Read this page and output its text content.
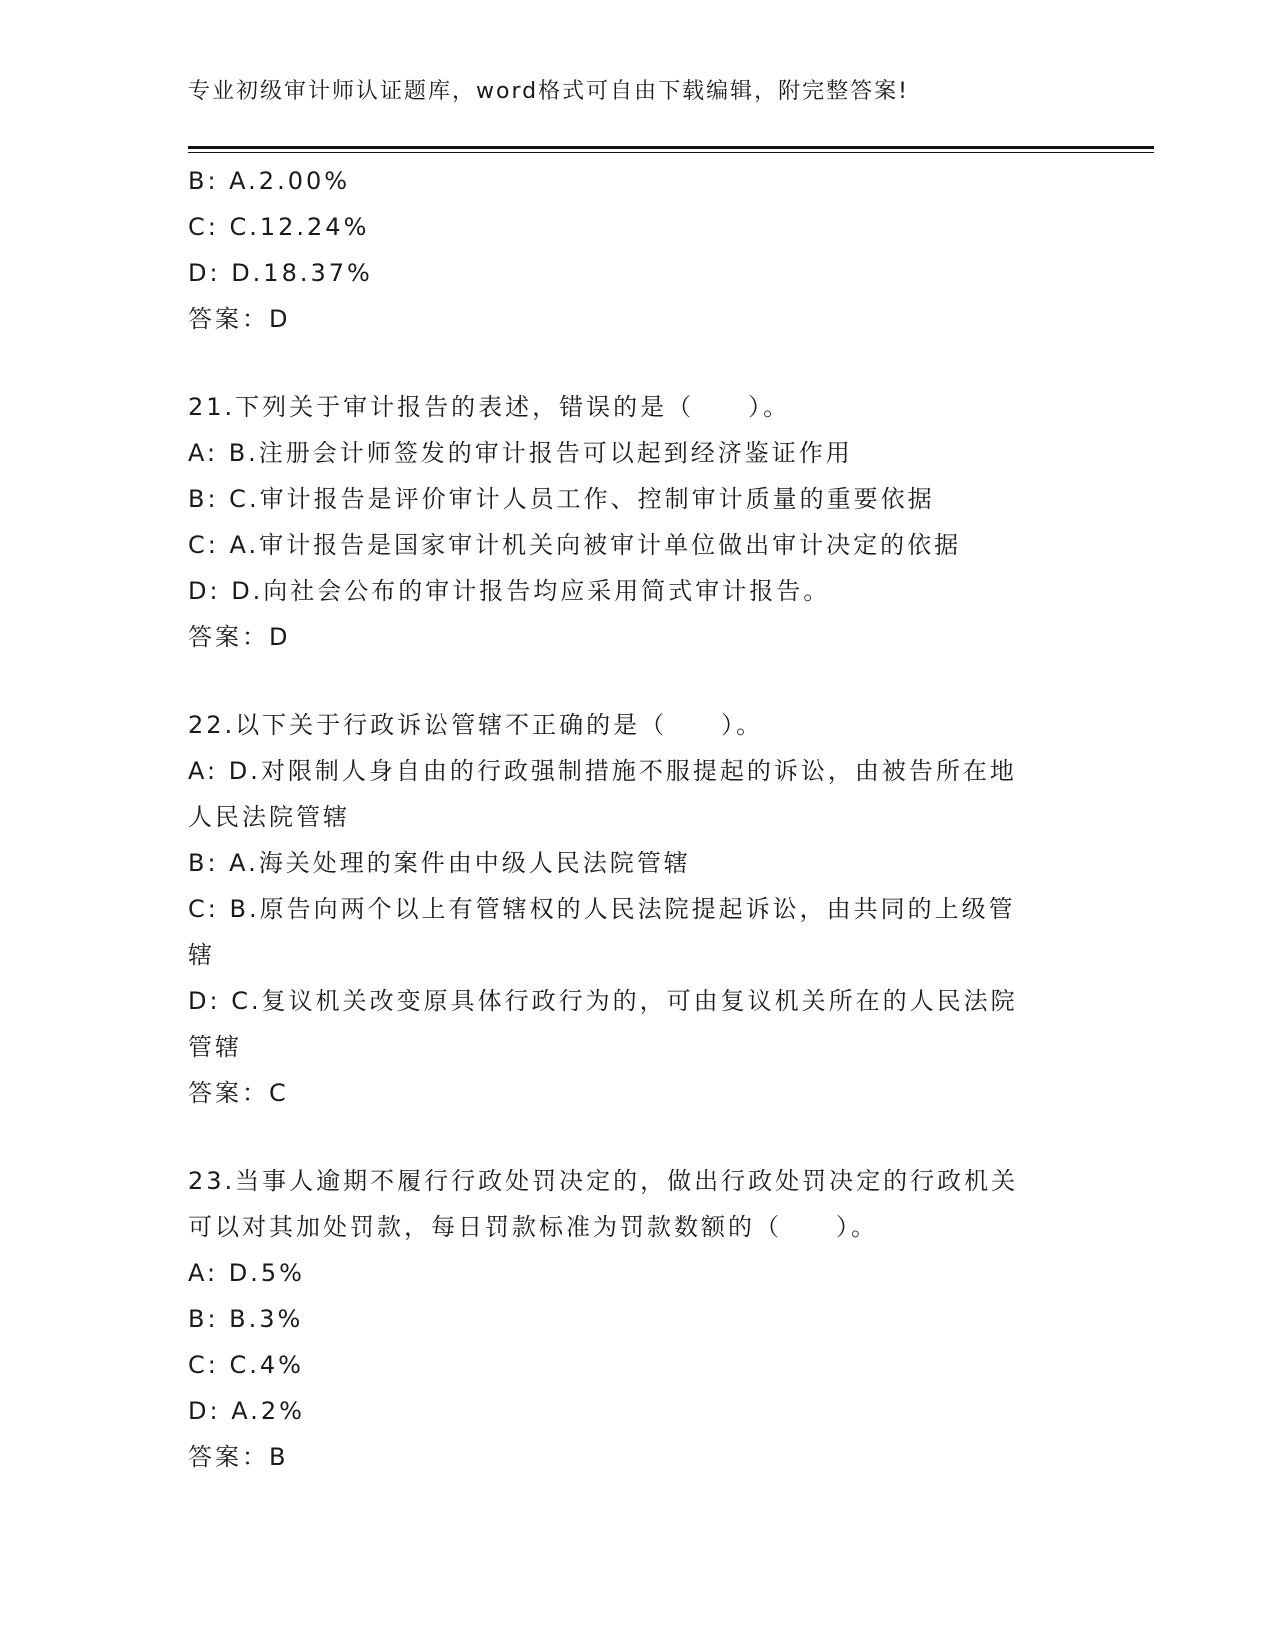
专业初级审计师认证题库，word格式可自由下载编辑，附完整答案!
B: A.2.00%
C: C.12.24%
D: D.18.37%
答案：D
21.下列关于审计报告的表述，错误的是（　　）。
A: B.注册会计师签发的审计报告可以起到经济鉴证作用
B: C.审计报告是评价审计人员工作、控制审计质量的重要依据
C: A.审计报告是国家审计机关向被审计单位做出审计决定的依据
D: D.向社会公布的审计报告均应采用简式审计报告。
答案：D
22.以下关于行政诉讼管辖不正确的是（　　）。
A: D.对限制人身自由的行政强制措施不服提起的诉讼，由被告所在地
人民法院管辖
B: A.海关处理的案件由中级人民法院管辖
C: B.原告向两个以上有管辖权的人民法院提起诉讼，由共同的上级管
辖
D: C.复议机关改变原具体行政行为的，可由复议机关所在的人民法院
管辖
答案：C
23.当事人逾期不履行行政处罚决定的，做出行政处罚决定的行政机关
可以对其加处罚款，每日罚款标准为罚款数额的（　　）。
A: D.5%
B: B.3%
C: C.4%
D: A.2%
答案：B
